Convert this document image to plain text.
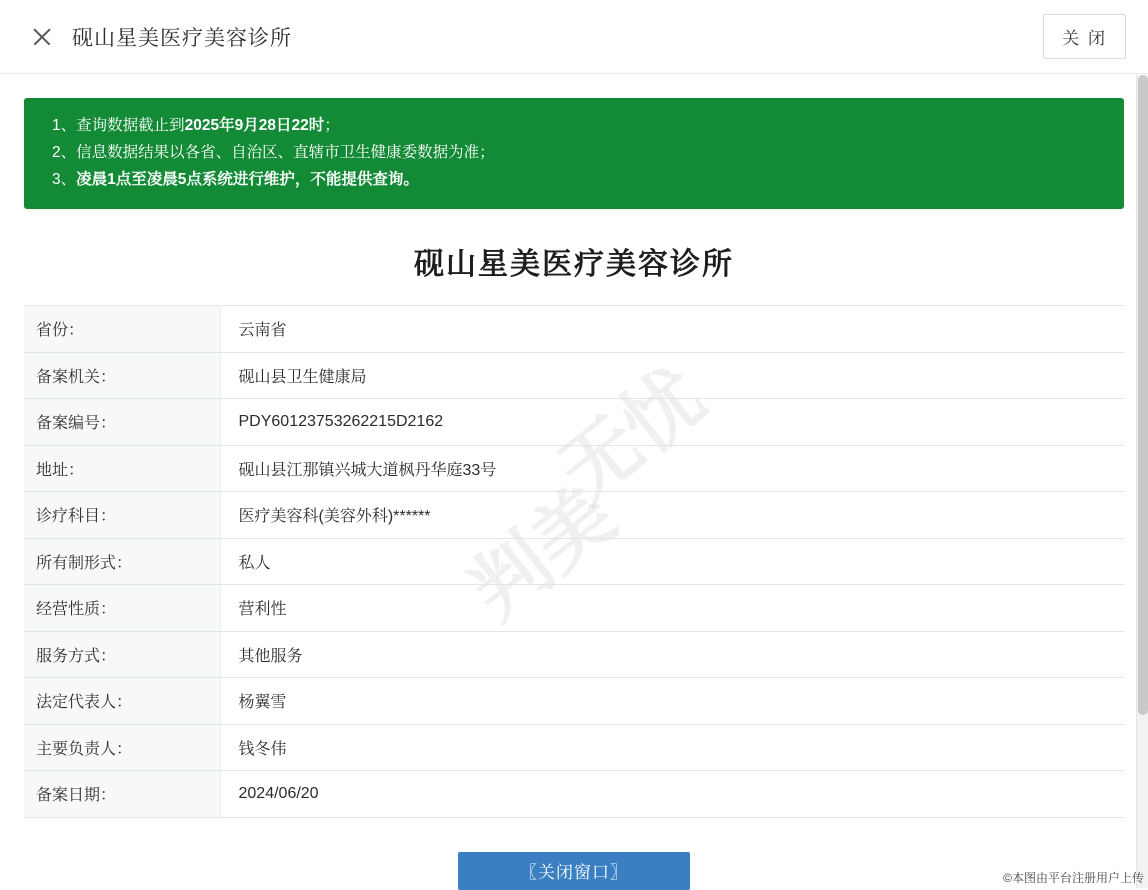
砚山星美医疗美容诊所	关 闭
1、查询数据截止到2025年9月28日22时；
2、信息数据结果以各省、自治区、直辖市卫生健康委数据为准；
3、凌晨1点至凌晨5点系统进行维护，不能提供查询。
砚山星美医疗美容诊所
无忧
判美
省份：	云南省
备案机关：	砚山县卫生健康局
备案编号：	PDY60123753262215D2162
地址：	砚山县江那镇兴城大道枫丹华庭33号
诊疗科目：	医疗美容科(美容外科)******
所有制形式：	私人
经营性质：	营利性
服务方式：	其他服务
法定代表人：	杨翼雪
主要负责人：	钱冬伟
备案日期：	2024/06/20
〖关闭窗口〗	©本图由平台注册用户上传
